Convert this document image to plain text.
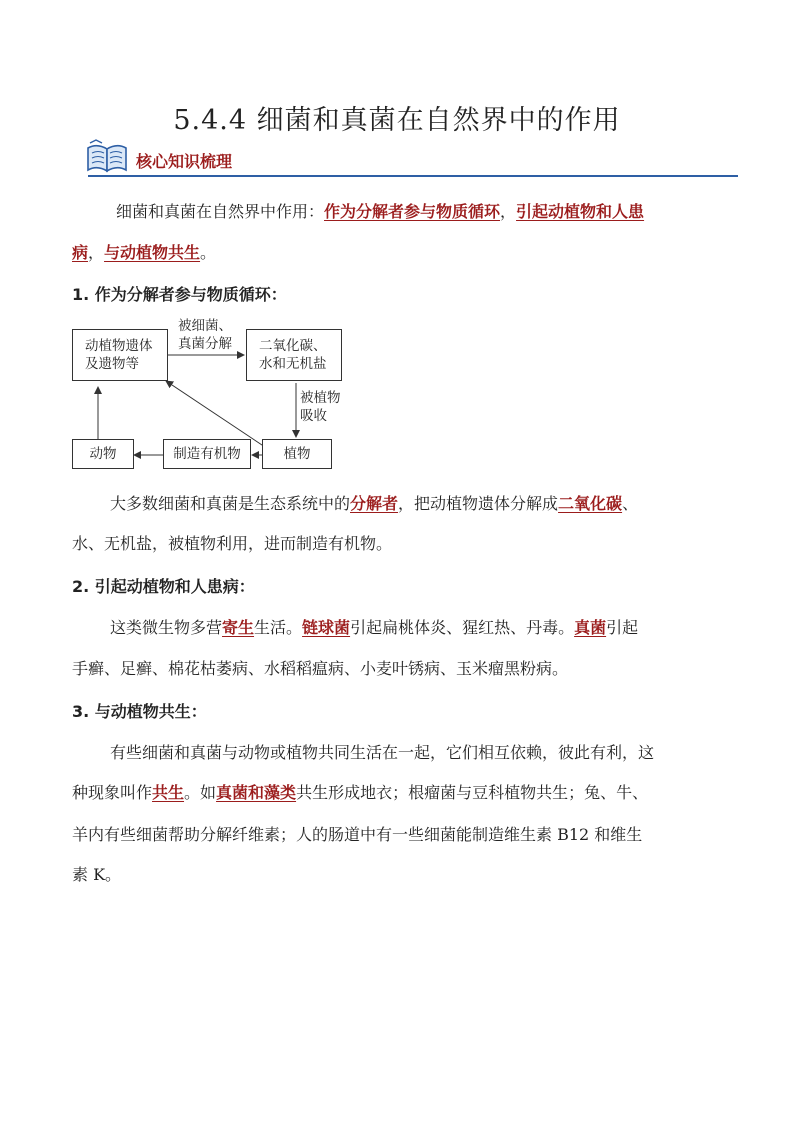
5.4.4 细菌和真菌在自然界中的作用
核心知识梳理
细菌和真菌在自然界中作用：作为分解者参与物质循环，引起动植物和人患
病，与动植物共生。
1. 作为分解者参与物质循环：
动植物遗体
及遗物等
被细菌、
真菌分解 二氧化碳、
水和无机盐
被植物
吸收
植物
制造有机物
动物
大多数细菌和真菌是生态系统中的分解者，把动植物遗体分解成二氧化碳、
水、无机盐，被植物利用，进而制造有机物。
2. 引起动植物和人患病：
这类微生物多营寄生生活。链球菌引起扁桃体炎、猩红热、丹毒。真菌引起
手癣、足癣、棉花枯萎病、水稻稻瘟病、小麦叶锈病、玉米瘤黑粉病。
3. 与动植物共生：
有些细菌和真菌与动物或植物共同生活在一起，它们相互依赖，彼此有利，这
种现象叫作共生。如真菌和藻类共生形成地衣；根瘤菌与豆科植物共生；兔、牛、
羊内有些细菌帮助分解纤维素；人的肠道中有一些细菌能制造维生素 B12 和维生
素 K。
